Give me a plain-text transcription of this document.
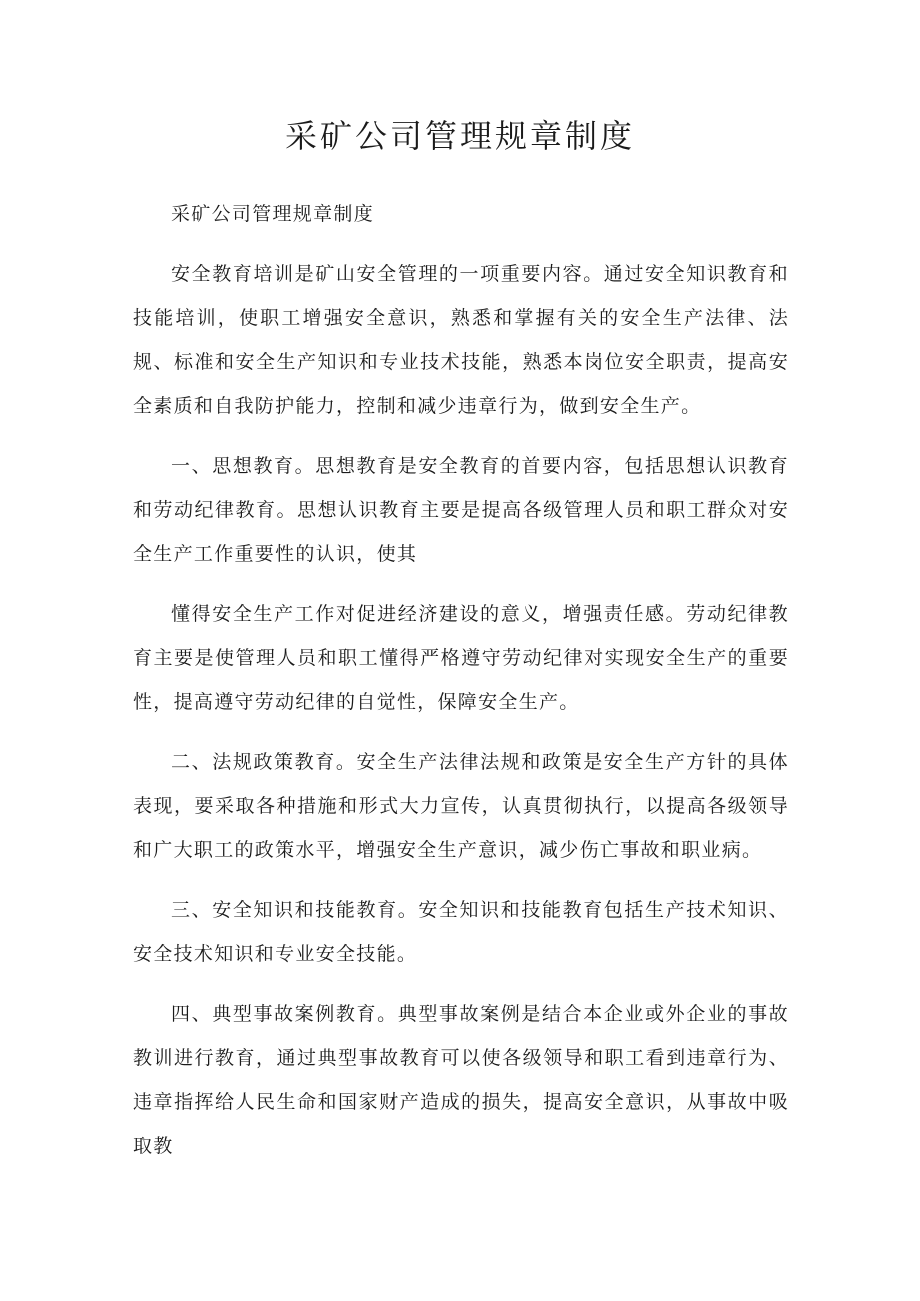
采矿公司管理规章制度

采矿公司管理规章制度

安全教育培训是矿山安全管理的一项重要内容。通过安全知识教育和技能培训，使职工增强安全意识，熟悉和掌握有关的安全生产法律、法规、标准和安全生产知识和专业技术技能，熟悉本岗位安全职责，提高安全素质和自我防护能力，控制和减少违章行为，做到安全生产。

一、思想教育。思想教育是安全教育的首要内容，包括思想认识教育和劳动纪律教育。思想认识教育主要是提高各级管理人员和职工群众对安全生产工作重要性的认识，使其

懂得安全生产工作对促进经济建设的意义，增强责任感。劳动纪律教育主要是使管理人员和职工懂得严格遵守劳动纪律对实现安全生产的重要性，提高遵守劳动纪律的自觉性，保障安全生产。

二、法规政策教育。安全生产法律法规和政策是安全生产方针的具体表现，要采取各种措施和形式大力宣传，认真贯彻执行，以提高各级领导和广大职工的政策水平，增强安全生产意识，减少伤亡事故和职业病。

三、安全知识和技能教育。安全知识和技能教育包括生产技术知识、安全技术知识和专业安全技能。

四、典型事故案例教育。典型事故案例是结合本企业或外企业的事故教训进行教育，通过典型事故教育可以使各级领导和职工看到违章行为、违章指挥给人民生命和国家财产造成的损失，提高安全意识，从事故中吸取教
